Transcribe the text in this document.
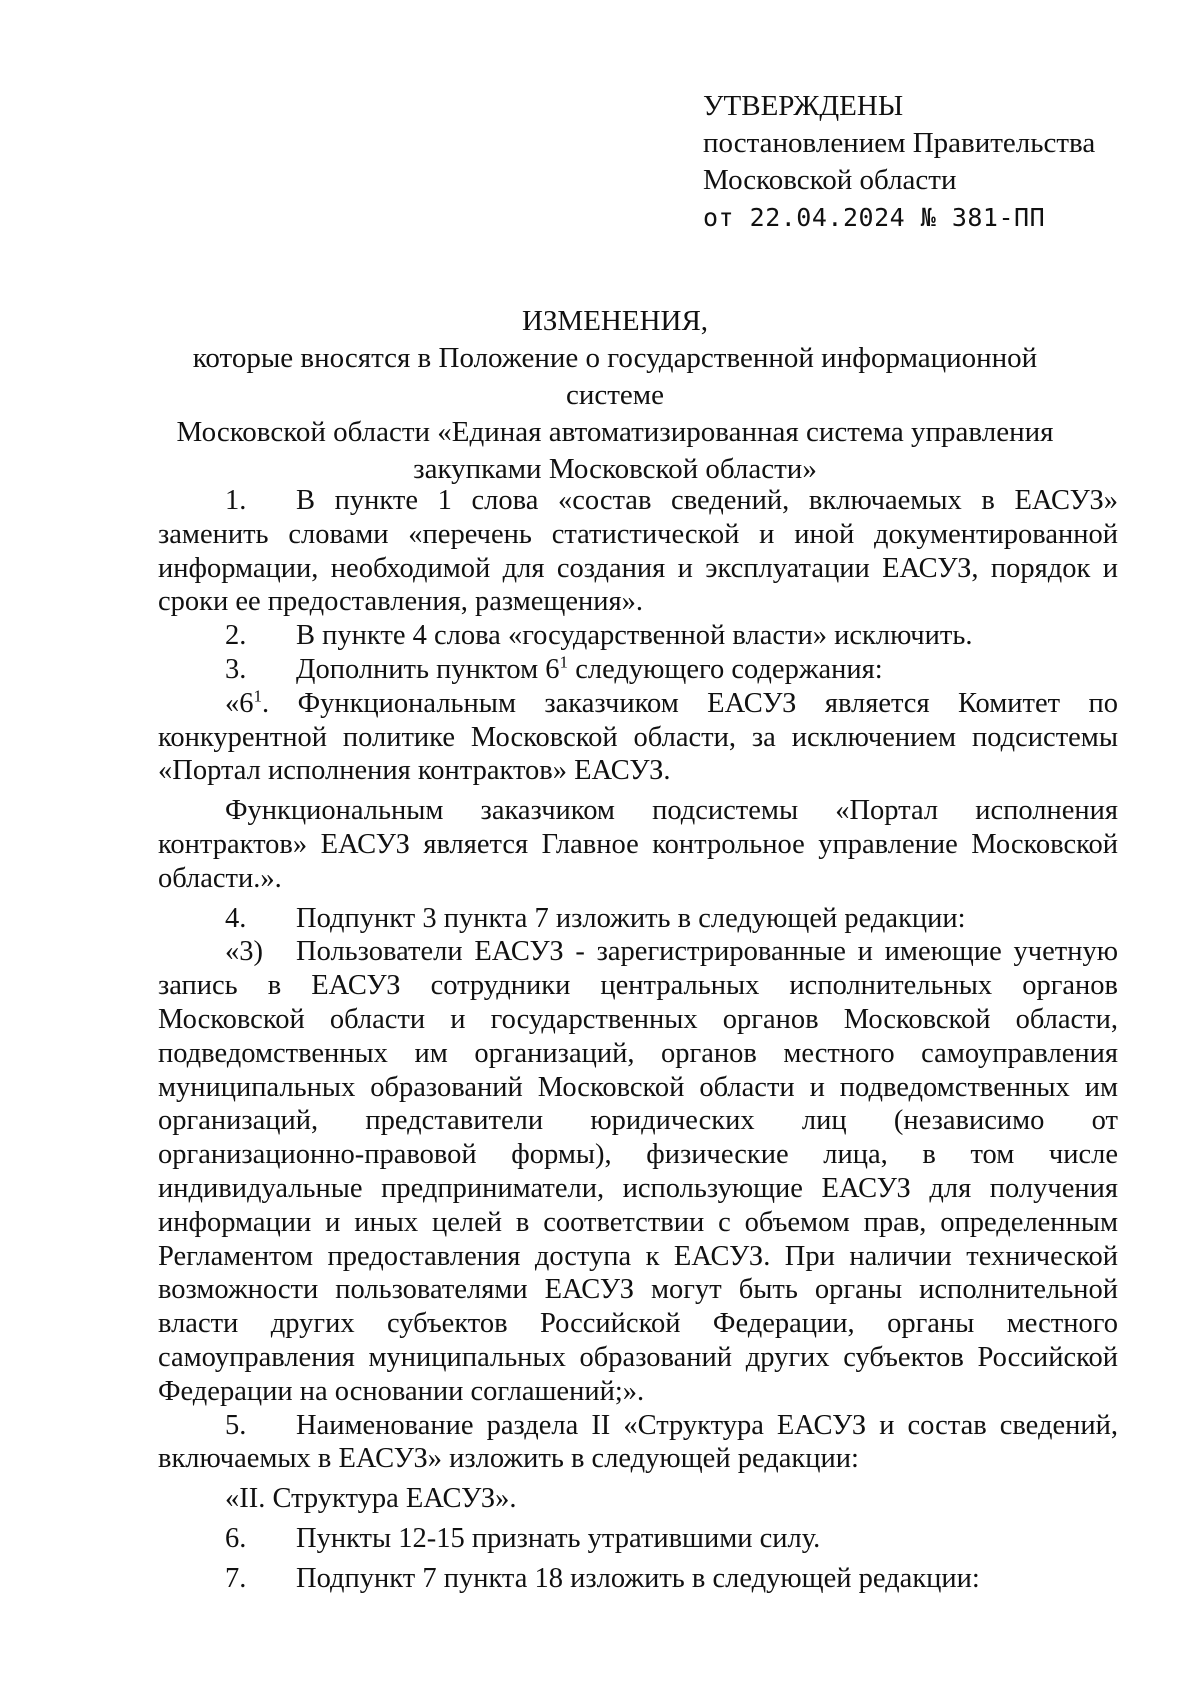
УТВЕРЖДЕНЫ
постановлением Правительства
Московской области
от 22.04.2024 № 381-ПП
ИЗМЕНЕНИЯ,
которые вносятся в Положение о государственной информационной системе
Московской области «Единая автоматизированная система управления
закупками Московской области»

1. В пункте 1 слова «состав сведений, включаемых в ЕАСУЗ» заменить словами «перечень статистической и иной документированной информации, необходимой для создания и эксплуатации ЕАСУЗ, порядок и сроки ее предоставления, размещения».

2. В пункте 4 слова «государственной власти» исключить.

3. Дополнить пунктом $6^1$ следующего содержания:

«$6^1$. Функциональным заказчиком ЕАСУЗ является Комитет по конкурентной политике Московской области, за исключением подсистемы «Портал исполнения контрактов» ЕАСУЗ.

Функциональным заказчиком подсистемы «Портал исполнения контрактов» ЕАСУЗ является Главное контрольное управление Московской области.».

4. Подпункт 3 пункта 7 изложить в следующей редакции:

«3) Пользователи ЕАСУЗ - зарегистрированные и имеющие учетную запись в ЕАСУЗ сотрудники центральных исполнительных органов Московской области и государственных органов Московской области, подведомственных им организаций, органов местного самоуправления муниципальных образований Московской области и подведомственных им организаций, представители юридических лиц (независимо от организационно-правовой формы), физические лица, в том числе индивидуальные предприниматели, использующие ЕАСУЗ для получения информации и иных целей в соответствии с объемом прав, определенным Регламентом предоставления доступа к ЕАСУЗ. При наличии технической возможности пользователями ЕАСУЗ могут быть органы исполнительной власти других субъектов Российской Федерации, органы местного самоуправления муниципальных образований других субъектов Российской Федерации на основании соглашений;».

5. Наименование раздела II «Структура ЕАСУЗ и состав сведений, включаемых в ЕАСУЗ» изложить в следующей редакции:

«II. Структура ЕАСУЗ».

6. Пункты 12-15 признать утратившими силу.

7. Подпункт 7 пункта 18 изложить в следующей редакции:
